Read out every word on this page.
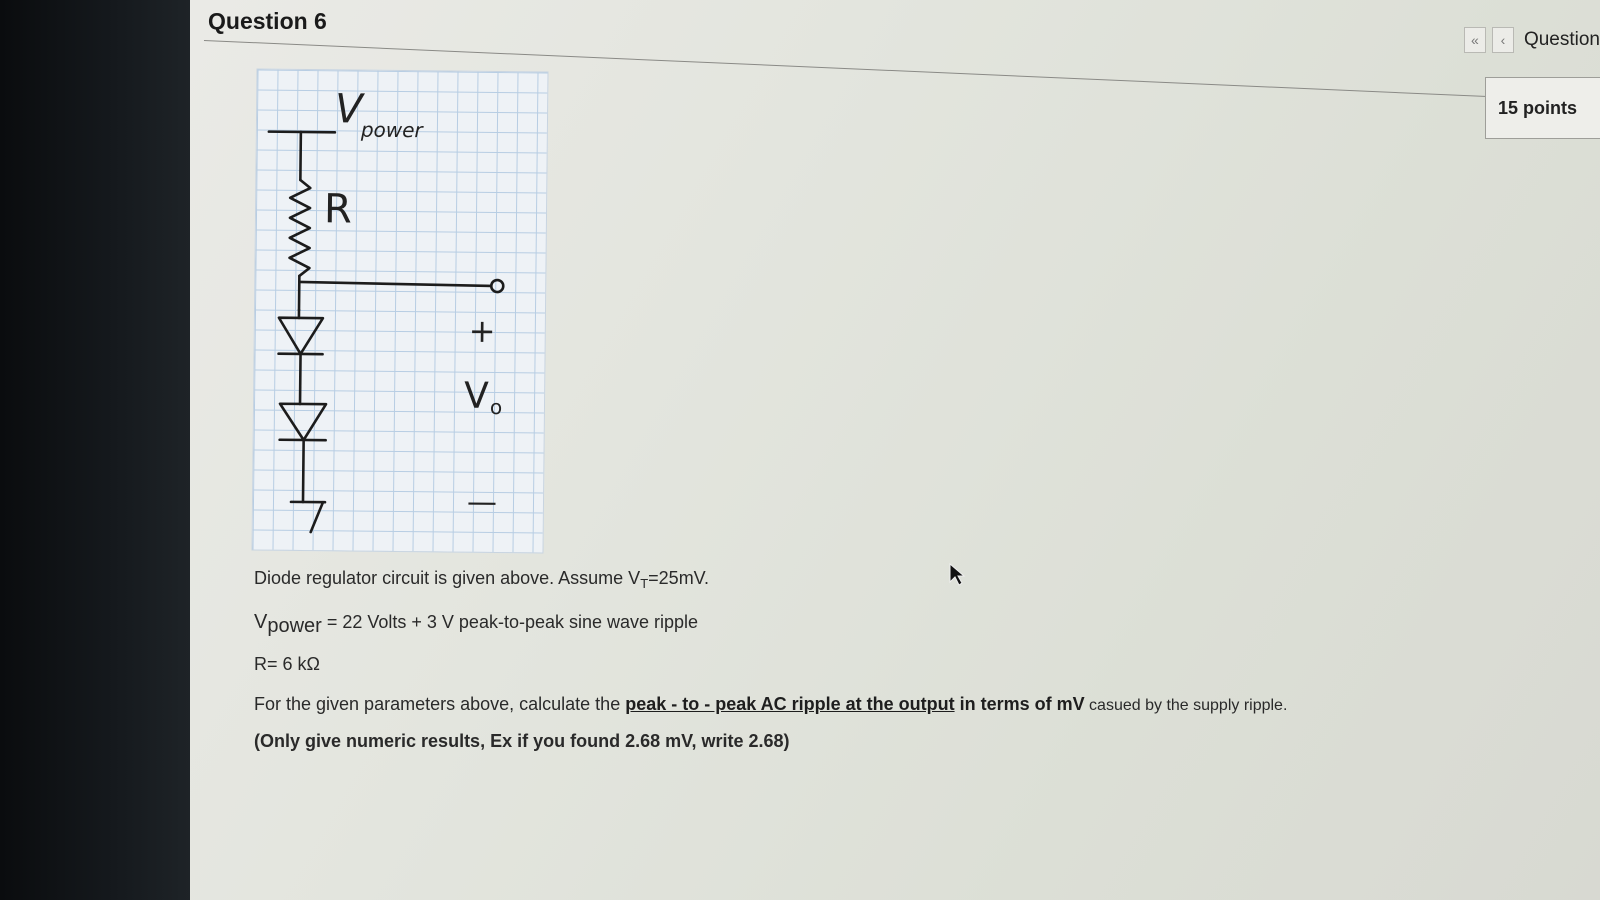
Question 6
«	‹ Question
15 points
V
power
R
+
V o
—
Diode regulator circuit is given above. Assume $V_T=25mV$.
Vpower = 22 Volts + 3 V peak-to-peak sine wave ripple
R= 6 kΩ
For the given parameters above, calculate the peak - to - peak AC ripple at the output in terms of mV casued by the supply ripple.
(Only give numeric results, Ex if you found 2.68 mV, write 2.68)
